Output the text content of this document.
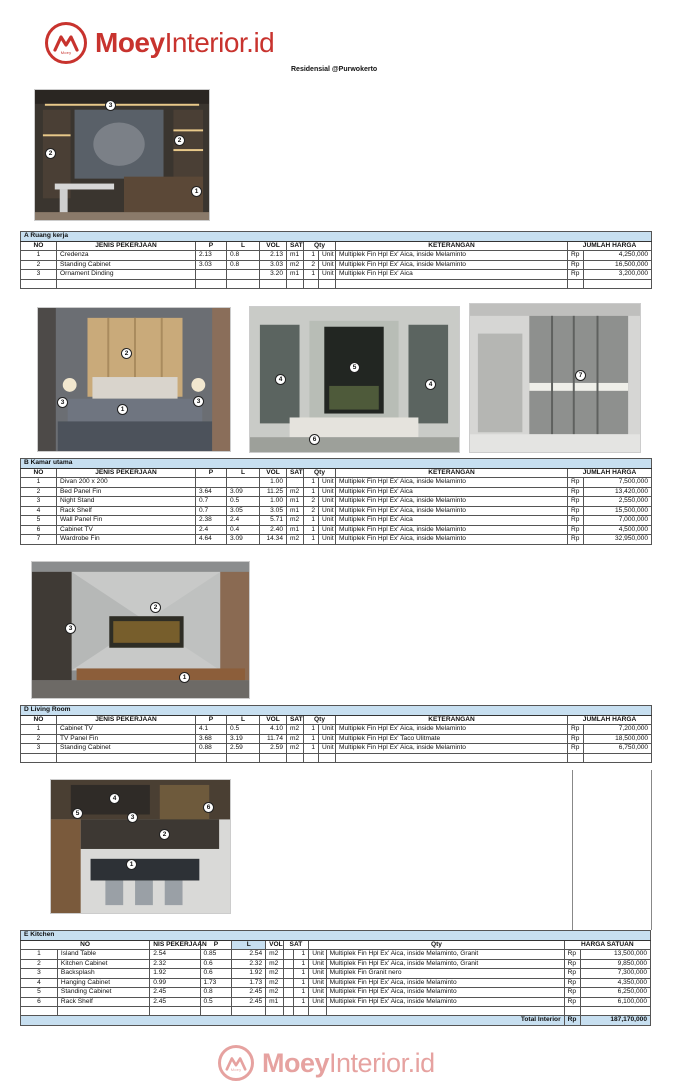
Moey MoeyInterior.id
Residensial @Purwokerto
3
2
2
1
A Ruang kerja										
NO	JENIS PEKERJAAN	P	L	VOL	SAT	Qty		KETERANGAN	JUMLAH HARGA	
1	Credenza	2.13	0.8	2.13	m1	1	Unit	Multiplek Fin Hpl Ex' Aica, inside Melaminto	Rp	4,250,000
2	Standing Cabinet	3.03	0.8	3.03	m2	2	Unit	Multiplek Fin Hpl Ex' Aica, inside Melaminto	Rp	16,500,000
3	Ornament Dinding			3.20	m1	1	Unit	Multiplek Fin Hpl Ex' Aica	Rp	3,200,000

2
3
1
3
5
4
4
6
7
B Kamar utama										
NO	JENIS PEKERJAAN	P	L	VOL	SAT	Qty		KETERANGAN	JUMLAH HARGA	
1	Divan 200 x 200			1.00		1	Unit	Multiplek Fin Hpl Ex' Aica, inside Melaminto	Rp	7,500,000
2	Bed Panel Fin	3.64	3.09	11.25	m2	1	Unit	Multiplek Fin Hpl Ex' Aica	Rp	13,420,000
3	Night Stand	0.7	0.5	1.00	m1	2	Unit	Multiplek Fin Hpl Ex' Aica, inside Melaminto	Rp	2,550,000
4	Rack Shelf	0.7	3.05	3.05	m1	2	Unit	Multiplek Fin Hpl Ex' Aica, inside Melaminto	Rp	15,500,000
5	Wall Panel Fin	2.38	2.4	5.71	m2	1	Unit	Multiplek Fin Hpl Ex' Aica	Rp	7,000,000
6	Cabinet TV	2.4	0.4	2.40	m1	1	Unit	Multiplek Fin Hpl Ex' Aica, inside Melaminto	Rp	4,500,000
7	Wardrobe Fin	4.64	3.09	14.34	m2	1	Unit	Multiplek Fin Hpl Ex' Aica, inside Melaminto	Rp	32,950,000
2
3
1
D Living Room										
NO	JENIS PEKERJAAN	P	L	VOL	SAT	Qty		KETERANGAN	JUMLAH HARGA	
1	Cabinet TV	4.1	0.5	4.10	m2	1	Unit	Multiplek Fin Hpl Ex' Aica, inside Melaminto	Rp	7,200,000
2	TV Panel Fin	3.68	3.19	11.74	m2	1	Unit	Multiplek Fin Hpl Ex' Taco Ulitmate	Rp	18,500,000
3	Standing Cabinet	0.88	2.59	2.59	m2	1	Unit	Multiplek Fin Hpl Ex' Aica, inside Melaminto	Rp	6,750,000

4
6
5
3
2
1
E Kitchen											
NO		NIS PEKERJAAN	P	L	VOL	SAT		Qty		HARGA SATUAN	
1	Island Table	2.54	0.85	2.54	m2		1	Unit	Multiplek Fin Hpl Ex' Aica, inside Melaminto, Granit	Rp	13,500,000
2	Kitchen Cabinet	2.32	0.6	2.32	m2		1	Unit	Multiplek Fin Hpl Ex' Aica, inside Melaminto, Granit	Rp	9,850,000
3	Backsplash	1.92	0.6	1.92	m2		1	Unit	Multiplek Fin Granit nero	Rp	7,300,000
4	Hanging Cabinet	0.99	1.73	1.73	m2		1	Unit	Multiplek Fin Hpl Ex' Aica, inside Melaminto	Rp	4,350,000
5	Standing Cabinet	2.45	0.8	2.45	m2		1	Unit	Multiplek Fin Hpl Ex' Aica, inside Melaminto	Rp	6,250,000
6	Rack Shelf	2.45	0.5	2.45	m1		1	Unit	Multiplek Fin Hpl Ex' Aica, inside Melaminto	Rp	6,100,000

Total Interior										Rp	187,170,000
Moey MoeyInterior.id
